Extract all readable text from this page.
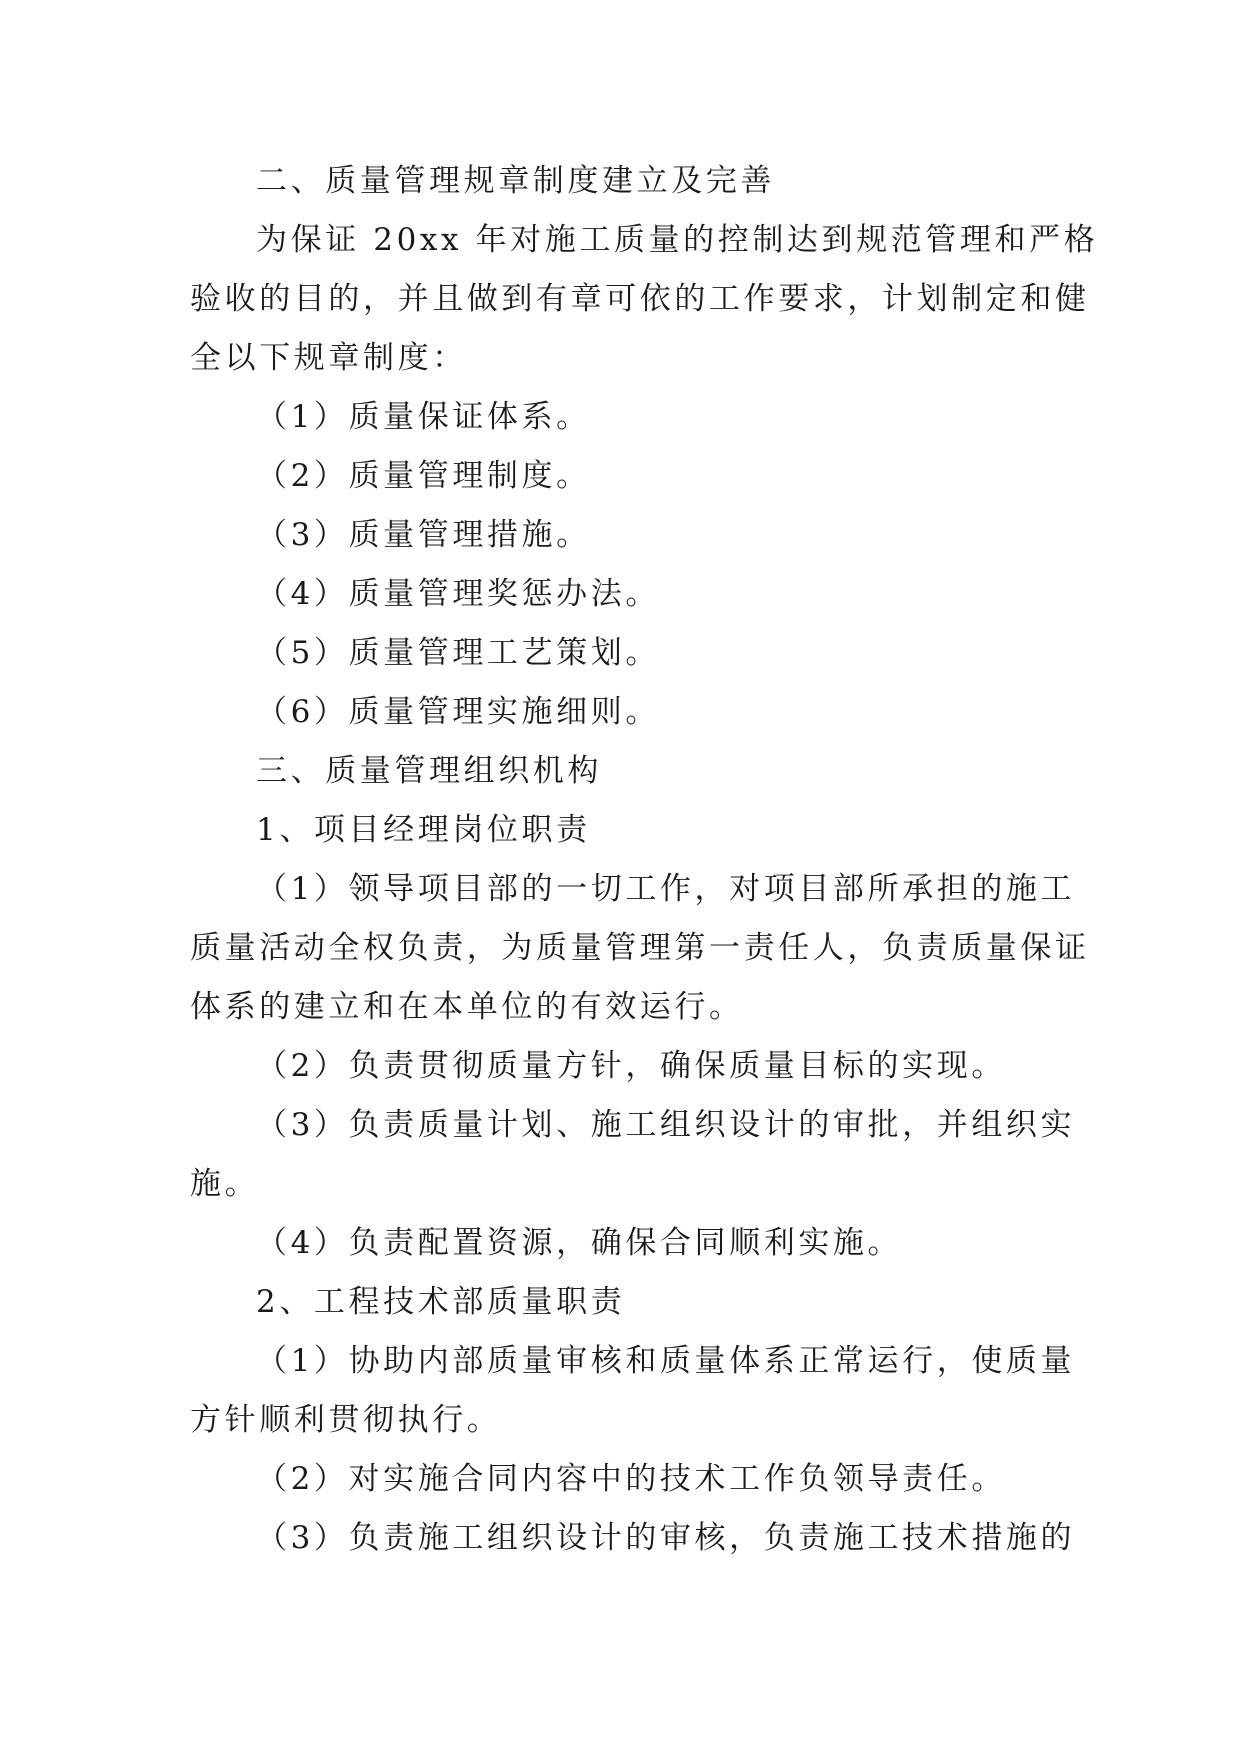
二、质量管理规章制度建立及完善

为保证 20xx 年对施工质量的控制达到规范管理和严格
验收的目的，并且做到有章可依的工作要求，计划制定和健
全以下规章制度：

（1）质量保证体系。

（2）质量管理制度。

（3）质量管理措施。

（4）质量管理奖惩办法。

（5）质量管理工艺策划。

（6）质量管理实施细则。

三、质量管理组织机构

1、项目经理岗位职责

（1）领导项目部的一切工作，对项目部所承担的施工
质量活动全权负责，为质量管理第一责任人，负责质量保证
体系的建立和在本单位的有效运行。

（2）负责贯彻质量方针，确保质量目标的实现。

（3）负责质量计划、施工组织设计的审批，并组织实
施。

（4）负责配置资源，确保合同顺利实施。

2、工程技术部质量职责

（1）协助内部质量审核和质量体系正常运行，使质量
方针顺利贯彻执行。

（2）对实施合同内容中的技术工作负领导责任。

（3）负责施工组织设计的审核，负责施工技术措施的
